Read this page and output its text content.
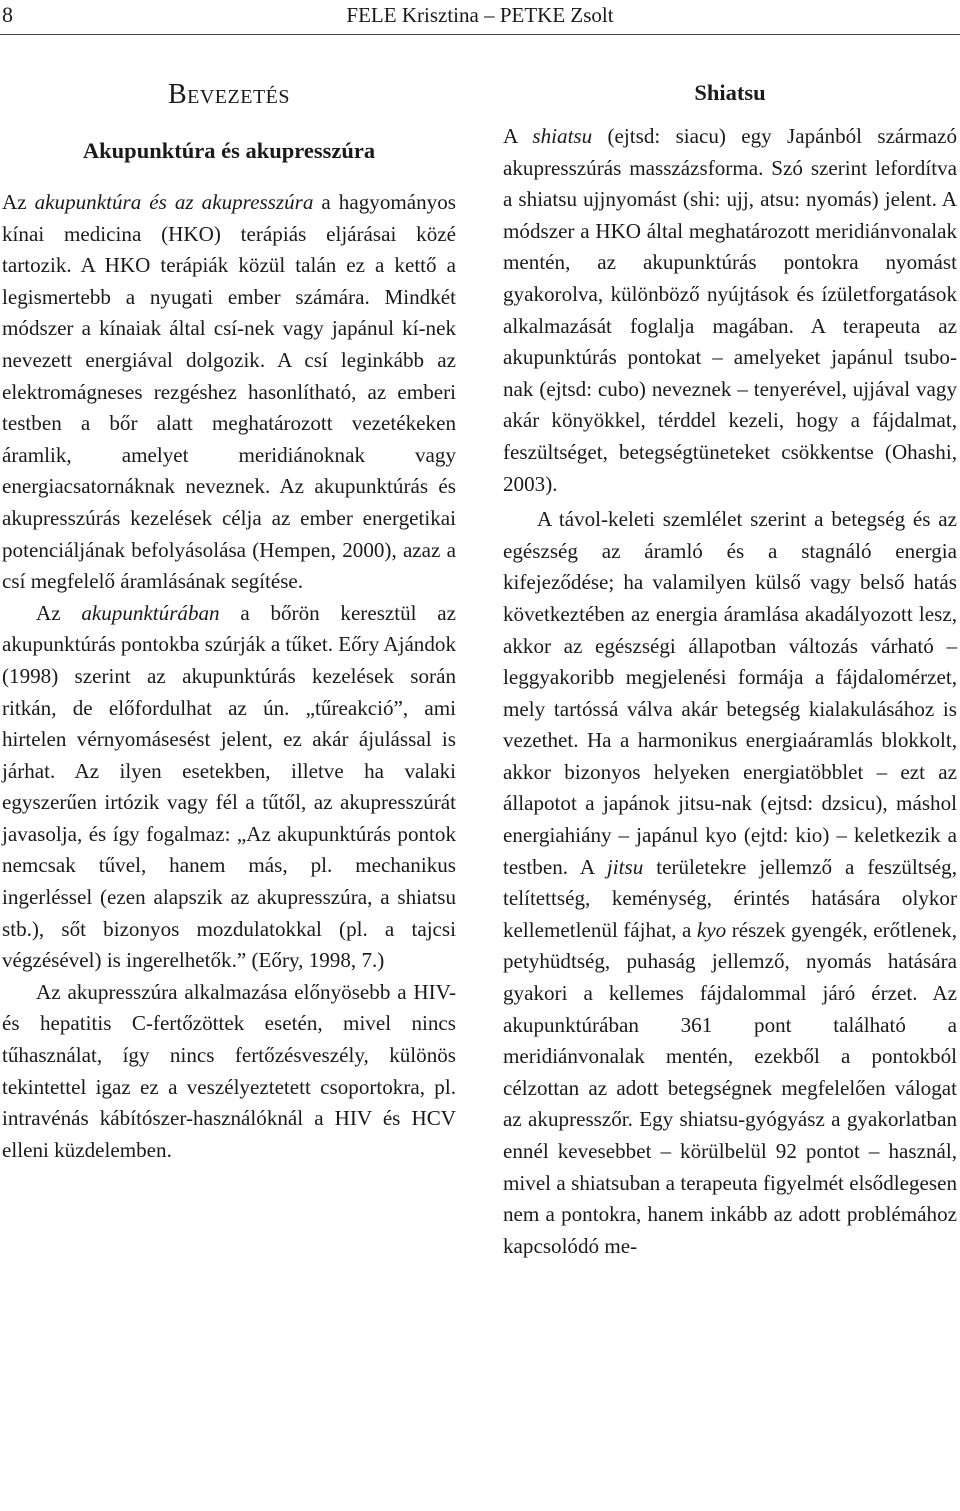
8	FELE Krisztina – PETKE Zsolt
Bevezetés
Akupunktúra és akupresszúra

Az akupunktúra és az akupresszúra a hagyományos kínai medicina (HKO) terápiás eljárásai közé tartozik. A HKO terápiák közül talán ez a kettő a legismertebb a nyugati ember számára. Mindkét módszer a kínaiak által csí-nek vagy japánul kí-nek nevezett energiával dolgozik. A csí leginkább az elektromágneses rezgéshez hasonlítható, az emberi testben a bőr alatt meghatározott vezetékeken áramlik, amelyet meridiánoknak vagy energiacsatornáknak neveznek. Az akupunktúrás és akupresszúrás kezelések célja az ember energetikai potenciáljának befolyásolása (Hempen, 2000), azaz a csí megfelelő áramlásának segítése.

Az akupunktúrában a bőrön keresztül az akupunktúrás pontokba szúrják a tűket. Eőry Ajándok (1998) szerint az akupunktúrás kezelések során ritkán, de előfordulhat az ún. „tűreakció”, ami hirtelen vérnyomásesést jelent, ez akár ájulással is járhat. Az ilyen esetekben, illetve ha valaki egyszerűen irtózik vagy fél a tűtől, az akupresszúrát javasolja, és így fogalmaz: „Az akupunktúrás pontok nemcsak tűvel, hanem más, pl. mechanikus ingerléssel (ezen alapszik az akupresszúra, a shiatsu stb.), sőt bizonyos mozdulatokkal (pl. a tajcsi végzésével) is ingerelhetők.” (Eőry, 1998, 7.)

Az akupresszúra alkalmazása előnyösebb a HIV- és hepatitis C-fertőzöttek esetén, mivel nincs tűhasználat, így nincs fertőzésveszély, különös tekintettel igaz ez a veszélyeztetett csoportokra, pl. intravénás kábítószer-használóknál a HIV és HCV elleni küzdelemben.

Shiatsu

A shiatsu (ejtsd: siacu) egy Japánból származó akupresszúrás masszázsforma. Szó szerint lefordítva a shiatsu ujjnyomást (shi: ujj, atsu: nyomás) jelent. A módszer a HKO által meghatározott meridiánvonalak mentén, az akupunktúrás pontokra nyomást gyakorolva, különböző nyújtások és ízületforgatások alkalmazását foglalja magában. A terapeuta az akupunktúrás pontokat – amelyeket japánul tsubo-nak (ejtsd: cubo) neveznek – tenyerével, ujjával vagy akár könyökkel, térddel kezeli, hogy a fájdalmat, feszültséget, betegségtüneteket csökkentse (Ohashi, 2003).

A távol-keleti szemlélet szerint a betegség és az egészség az áramló és a stagnáló energia kifejeződése; ha valamilyen külső vagy belső hatás következtében az energia áramlása akadályozott lesz, akkor az egészségi állapotban változás várható – leggyakoribb megjelenési formája a fájdalomérzet, mely tartóssá válva akár betegség kialakulásához is vezethet. Ha a harmonikus energiaáramlás blokkolt, akkor bizonyos helyeken energiatöbblet – ezt az állapotot a japánok jitsu-nak (ejtsd: dzsicu), máshol energiahiány – japánul kyo (ejtd: kio) – keletkezik a testben. A jitsu területekre jellemző a feszültség, telítettség, keménység, érintés hatására olykor kellemetlenül fájhat, a kyo részek gyengék, erőtlenek, petyhüdtség, puhaság jellemző, nyomás hatására gyakori a kellemes fájdalommal járó érzet. Az akupunktúrában 361 pont található a meridiánvonalak mentén, ezekből a pontokból célzottan az adott betegségnek megfelelően válogat az akupresszőr. Egy shiatsu-gyógyász a gyakorlatban ennél kevesebbet – körülbelül 92 pontot – használ, mivel a shiatsuban a terapeuta figyelmét elsődlegesen nem a pontokra, hanem inkább az adott problémához kapcsolódó me-
